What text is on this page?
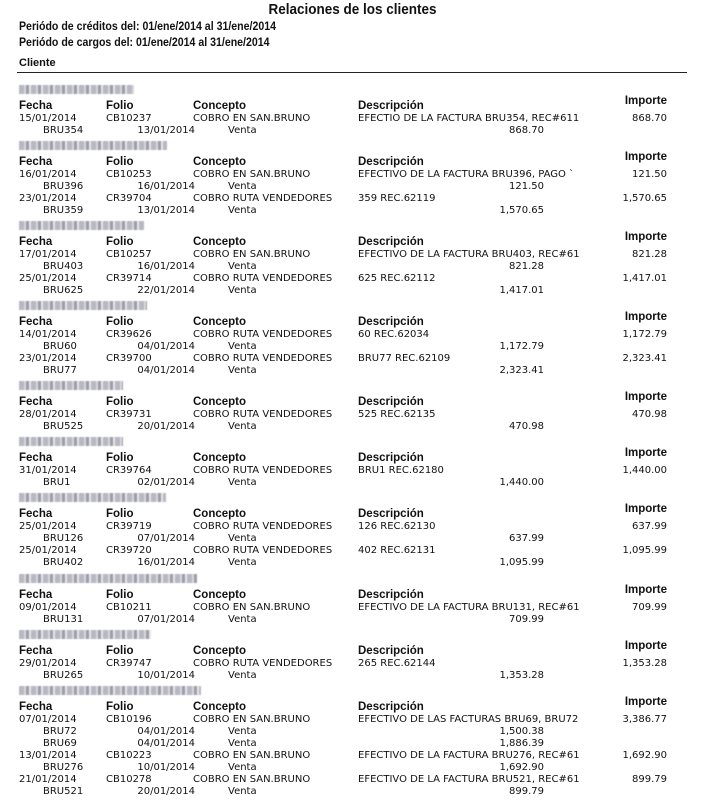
Relaciones de los clientes
Periódo de créditos del: 01/ene/2014 al 31/ene/2014
Periódo de cargos del: 01/ene/2014 al 31/ene/2014
Cliente
Fecha	Folio	Concepto	Descripción	Importe
15/01/2014	CB10237	COBRO EN SAN.BRUNO	EFECTIO DE LA FACTURA BRU354, REC#611	868.70
BRU354	13/01/2014	Venta	868.70
Fecha	Folio	Concepto	Descripción	Importe
16/01/2014	CB10253	COBRO EN SAN.BRUNO	EFECTIVO DE LA FACTURA BRU396, PAGO `	121.50
BRU396	16/01/2014	Venta	121.50
23/01/2014	CR39704	COBRO RUTA VENDEDORES	359 REC.62119	1,570.65
BRU359	13/01/2014	Venta	1,570.65
Fecha	Folio	Concepto	Descripción	Importe
17/01/2014	CB10257	COBRO EN SAN.BRUNO	EFECTIVO DE LA FACTURA BRU403, REC#61	821.28
BRU403	16/01/2014	Venta	821.28
25/01/2014	CR39714	COBRO RUTA VENDEDORES	625 REC.62112	1,417.01
BRU625	22/01/2014	Venta	1,417.01
Fecha	Folio	Concepto	Descripción	Importe
14/01/2014	CR39626	COBRO RUTA VENDEDORES	60 REC.62034	1,172.79
BRU60	04/01/2014	Venta	1,172.79
23/01/2014	CR39700	COBRO RUTA VENDEDORES	BRU77 REC.62109	2,323.41
BRU77	04/01/2014	Venta	2,323.41
Fecha	Folio	Concepto	Descripción	Importe
28/01/2014	CR39731	COBRO RUTA VENDEDORES	525 REC.62135	470.98
BRU525	20/01/2014	Venta	470.98
Fecha	Folio	Concepto	Descripción	Importe
31/01/2014	CR39764	COBRO RUTA VENDEDORES	BRU1 REC.62180	1,440.00
BRU1	02/01/2014	Venta	1,440.00
Fecha	Folio	Concepto	Descripción	Importe
25/01/2014	CR39719	COBRO RUTA VENDEDORES	126 REC.62130	637.99
BRU126	07/01/2014	Venta	637.99
25/01/2014	CR39720	COBRO RUTA VENDEDORES	402 REC.62131	1,095.99
BRU402	16/01/2014	Venta	1,095.99
Fecha	Folio	Concepto	Descripción	Importe
09/01/2014	CB10211	COBRO EN SAN.BRUNO	EFECTIVO DE LA FACTURA BRU131, REC#61	709.99
BRU131	07/01/2014	Venta	709.99
Fecha	Folio	Concepto	Descripción	Importe
29/01/2014	CR39747	COBRO RUTA VENDEDORES	265 REC.62144	1,353.28
BRU265	10/01/2014	Venta	1,353.28
Fecha	Folio	Concepto	Descripción	Importe
07/01/2014	CB10196	COBRO EN SAN.BRUNO	EFECTIVO DE LAS FACTURAS BRU69, BRU72	3,386.77
BRU72	04/01/2014	Venta	1,500.38
BRU69	04/01/2014	Venta	1,886.39
13/01/2014	CB10223	COBRO EN SAN.BRUNO	EFECTIVO DE LA FACTURA BRU276, REC#61	1,692.90
BRU276	10/01/2014	Venta	1,692.90
21/01/2014	CB10278	COBRO EN SAN.BRUNO	EFECTIVO DE LA FACTURA BRU521, REC#61	899.79
BRU521	20/01/2014	Venta	899.79
